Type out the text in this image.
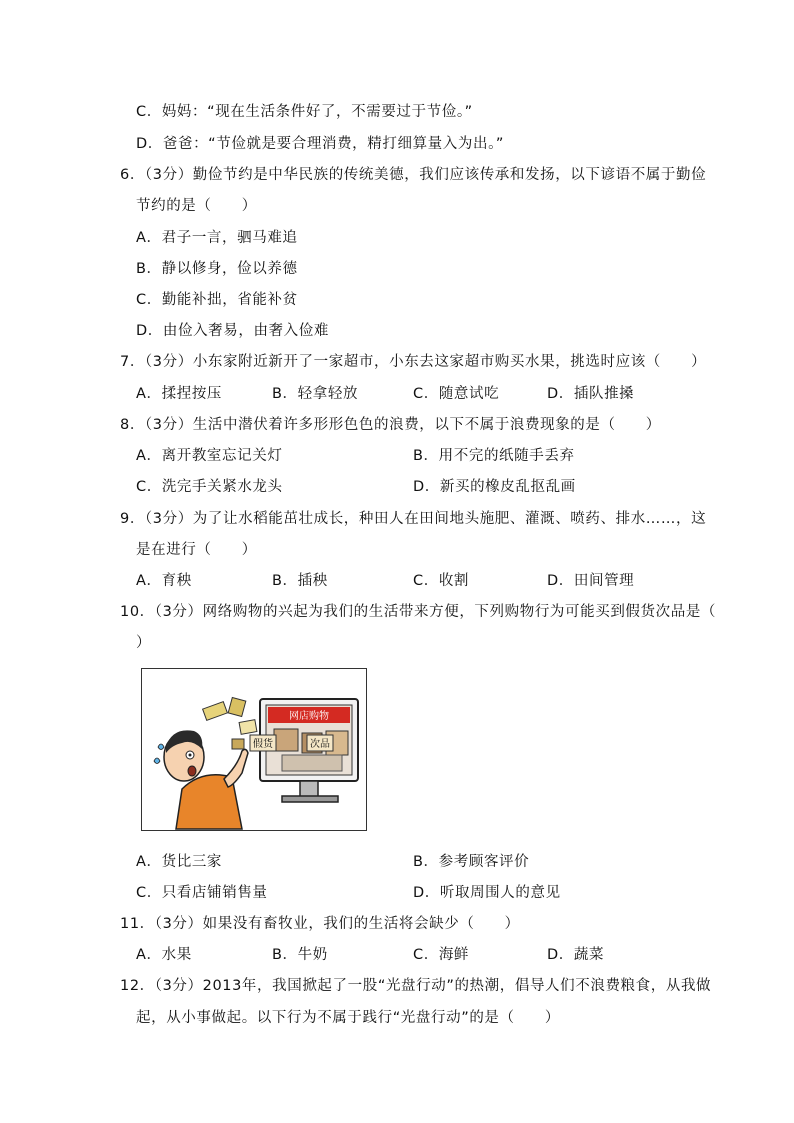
C．妈妈：“现在生活条件好了，不需要过于节俭。”
D．爸爸：“节俭就是要合理消费，精打细算量入为出。”
6．（3分）勤俭节约是中华民族的传统美德，我们应该传承和发扬，以下谚语不属于勤俭
节约的是（　　）
A．君子一言，驷马难追
B．静以修身，俭以养德
C．勤能补拙，省能补贫
D．由俭入奢易，由奢入俭难
7．（3分）小东家附近新开了一家超市，小东去这家超市购买水果，挑选时应该（　　）
A．揉捏按压	B．轻拿轻放	C．随意试吃	D．插队推搡
8．（3分）生活中潜伏着许多形形色色的浪费，以下不属于浪费现象的是（　　）
A．离开教室忘记关灯	B．用不完的纸随手丢弃
C．洗完手关紧水龙头	D．新买的橡皮乱抠乱画
9．（3分）为了让水稻能茁壮成长，种田人在田间地头施肥、灌溉、喷药、排水……，这
是在进行（　　）
A．育秧	B．插秧	C．收割	D．田间管理
10．（3分）网络购物的兴起为我们的生活带来方便，下列购物行为可能买到假货次品是（
）
网店购物
假货	次品
A．货比三家	B．参考顾客评价
C．只看店铺销售量	D．听取周围人的意见
11．（3分）如果没有畜牧业，我们的生活将会缺少（　　）
A．水果	B．牛奶	C．海鲜	D．蔬菜
12．（3分）2013年，我国掀起了一股“光盘行动”的热潮，倡导人们不浪费粮食，从我做
起，从小事做起。以下行为不属于践行“光盘行动”的是（　　）
